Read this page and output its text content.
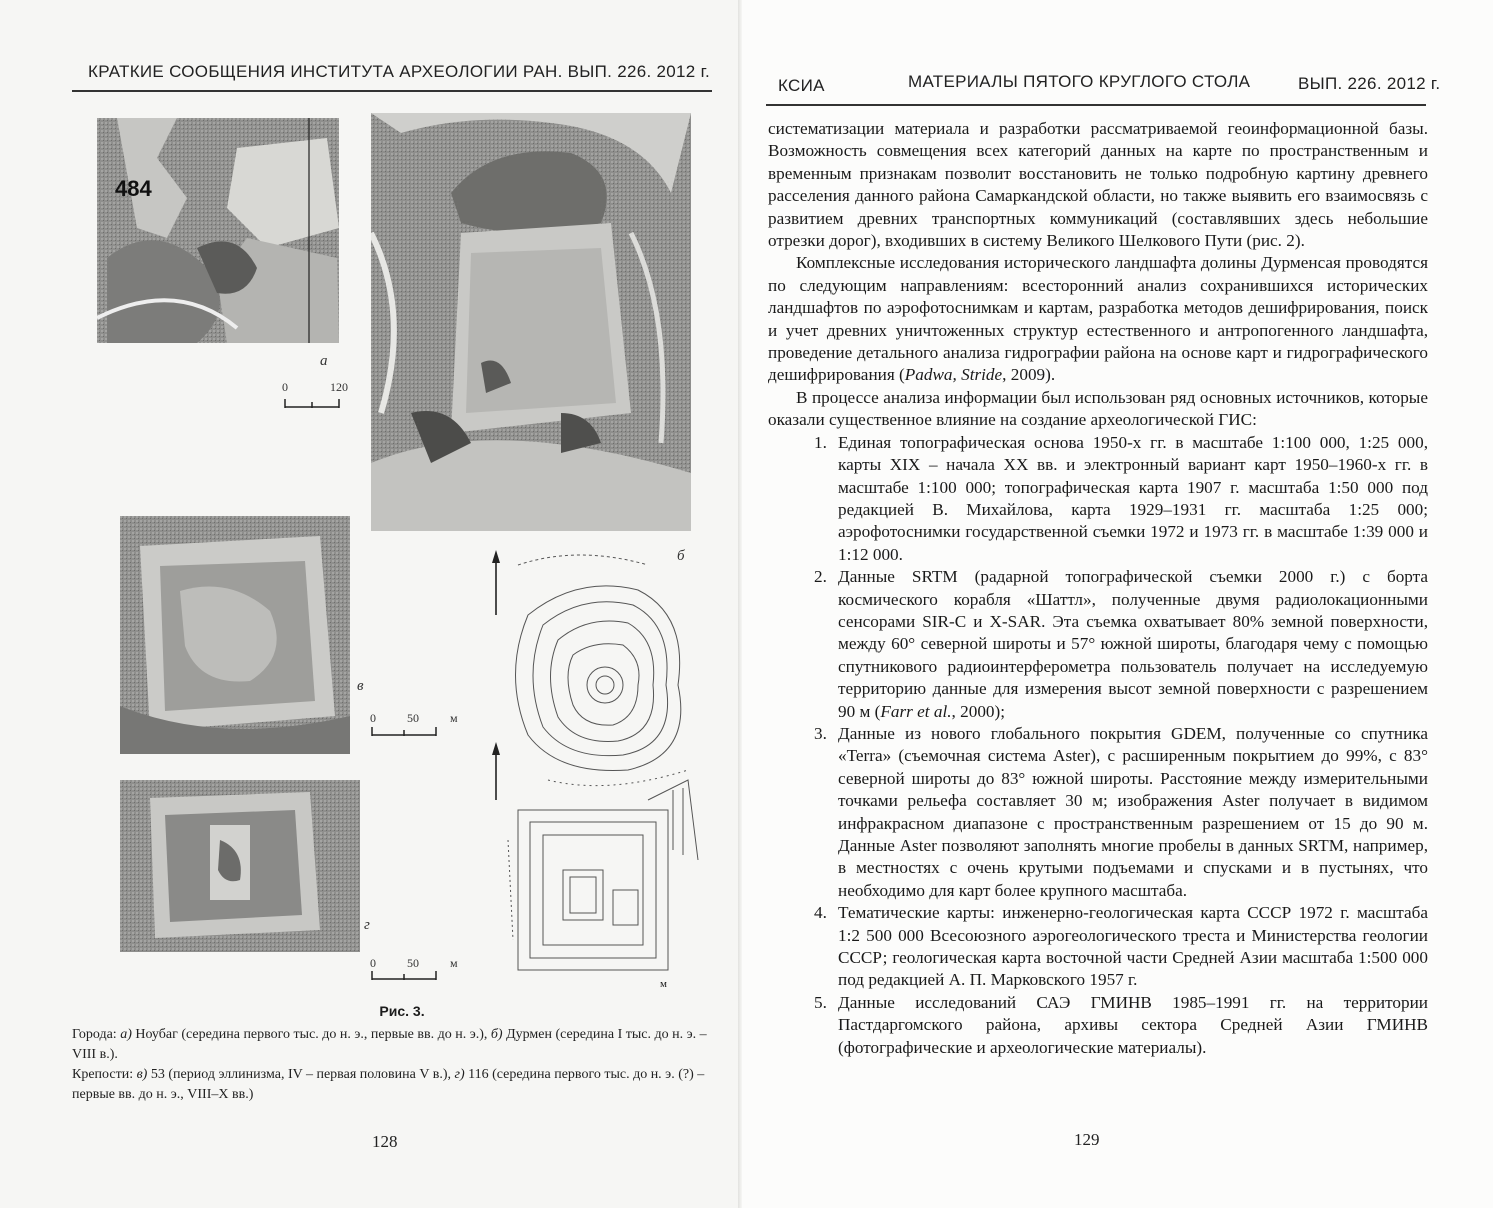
КРАТКИЕ СООБЩЕНИЯ ИНСТИТУТА АРХЕОЛОГИИ РАН. ВЫП. 226. 2012 г.
484
а
0	120
в
0 50 м
г
0 50 м
б
м
Рис. 3.

Города: а) Ноубаг (середина первого тыс. до н. э., первые вв. до н. э.), б) Дурмен (середина I тыс. до н. э. – VIII в.).

Крепости: в) 53 (период эллинизма, IV – первая половина V в.), г) 116 (середина первого тыс. до н. э. (?) – первые вв. до н. э., VIII–X вв.)

128
КСИА	МАТЕРИАЛЫ ПЯТОГО КРУГЛОГО СТОЛА	ВЫП. 226. 2012 г.

систематизации материала и разработки рассматриваемой геоинформационной базы. Возможность совмещения всех категорий данных на карте по пространственным и временным признакам позволит восстановить не только подробную картину древнего расселения данного района Самаркандской области, но также выявить его взаимосвязь с развитием древних транспортных коммуникаций (составлявших здесь небольшие отрезки дорог), входивших в систему Великого Шелкового Пути (рис. 2).

Комплексные исследования исторического ландшафта долины Дурменсая проводятся по следующим направлениям: всесторонний анализ сохранившихся исторических ландшафтов по аэрофотоснимкам и картам, разработка методов дешифрирования, поиск и учет древних уничтоженных структур естественного и антропогенного ландшафта, проведение детального анализа гидрографии района на основе карт и гидрографического дешифрирования (Padwa, Stride, 2009).

В процессе анализа информации был использован ряд основных источников, которые оказали существенное влияние на создание археологической ГИС:

1. Единая топографическая основа 1950-х гг. в масштабе 1:100 000, 1:25 000, карты XIX – начала XX вв. и электронный вариант карт 1950–1960-х гг. в масштабе 1:100 000; топографическая карта 1907 г. масштаба 1:50 000 под редакцией В. Михайлова, карта 1929–1931 гг. масштаба 1:25 000; аэрофотоснимки государственной съемки 1972 и 1973 гг. в масштабе 1:39 000 и 1:12 000.

2. Данные SRTM (радарной топографической съемки 2000 г.) с борта космического корабля «Шаттл», полученные двумя радиолокационными сенсорами SIR-C и X-SAR. Эта съемка охватывает 80% земной поверхности, между 60° северной широты и 57° южной широты, благодаря чему с помощью спутникового радиоинтерферометра пользователь получает на исследуемую территорию данные для измерения высот земной поверхности с разрешением 90 м (Farr et al., 2000);

3. Данные из нового глобального покрытия GDEM, полученные со спутника «Terra» (съемочная система Aster), с расширенным покрытием до 99%, с 83° северной широты до 83° южной широты. Расстояние между измерительными точками рельефа составляет 30 м; изображения Aster получает в видимом инфракрасном диапазоне с пространственным разрешением от 15 до 90 м. Данные Aster позволяют заполнять многие пробелы в данных SRTM, например, в местностях с очень крутыми подъемами и спусками и в пустынях, что необходимо для карт более крупного масштаба.

4. Тематические карты: инженерно-геологическая карта СССР 1972 г. масштаба 1:2 500 000 Всесоюзного аэрогеологического треста и Министерства геологии СССР; геологическая карта восточной части Средней Азии масштаба 1:500 000 под редакцией А. П. Марковского 1957 г.

5. Данные исследований САЭ ГМИНВ 1985–1991 гг. на территории Пастдаргомского района, архивы сектора Средней Азии ГМИНВ (фотографические и археологические материалы).

129
